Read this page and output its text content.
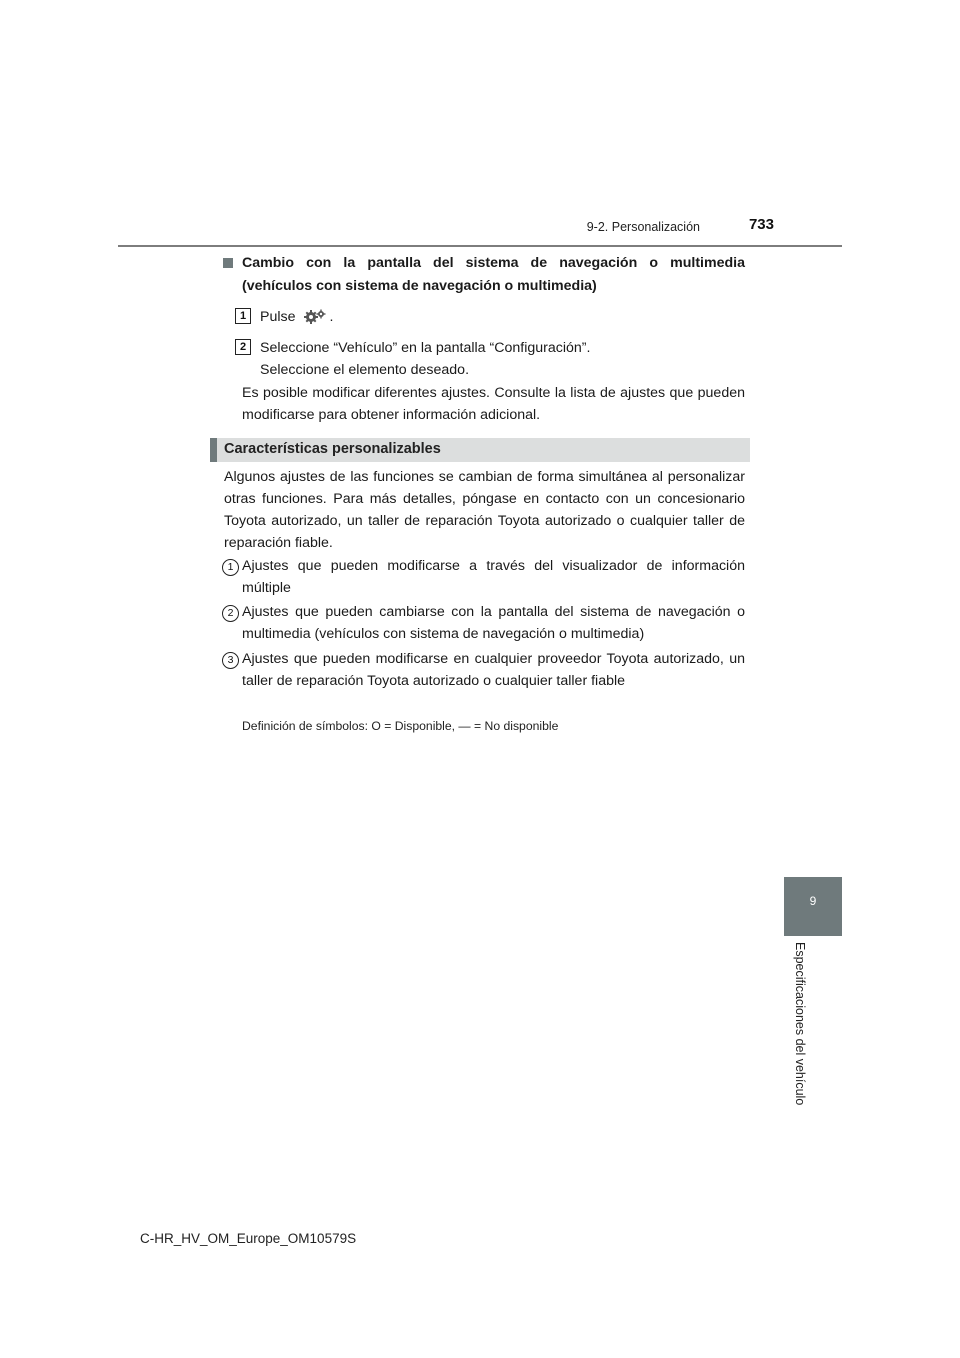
9-2. Personalización	733
9
Especificaciones del vehículo
Cambio con la pantalla del sistema de navegación o multimedia (vehículos con sistema de navegación o multimedia)
1 Pulse .
2 Seleccione “Vehículo” en la pantalla “Configuración”.
Seleccione el elemento deseado.
Es posible modificar diferentes ajustes. Consulte la lista de ajustes que pueden modificarse para obtener información adicional.
Características personalizables
Algunos ajustes de las funciones se cambian de forma simultánea al personalizar otras funciones. Para más detalles, póngase en contacto con un concesionario Toyota autorizado, un taller de reparación Toyota autorizado o cualquier taller de reparación fiable.
1 Ajustes que pueden modificarse a través del visualizador de información múltiple
2 Ajustes que pueden cambiarse con la pantalla del sistema de navegación o multimedia (vehículos con sistema de navegación o multimedia)
3 Ajustes que pueden modificarse en cualquier proveedor Toyota autorizado, un taller de reparación Toyota autorizado o cualquier taller fiable
Definición de símbolos: O = Disponible, — = No disponible
C-HR_HV_OM_Europe_OM10579S
